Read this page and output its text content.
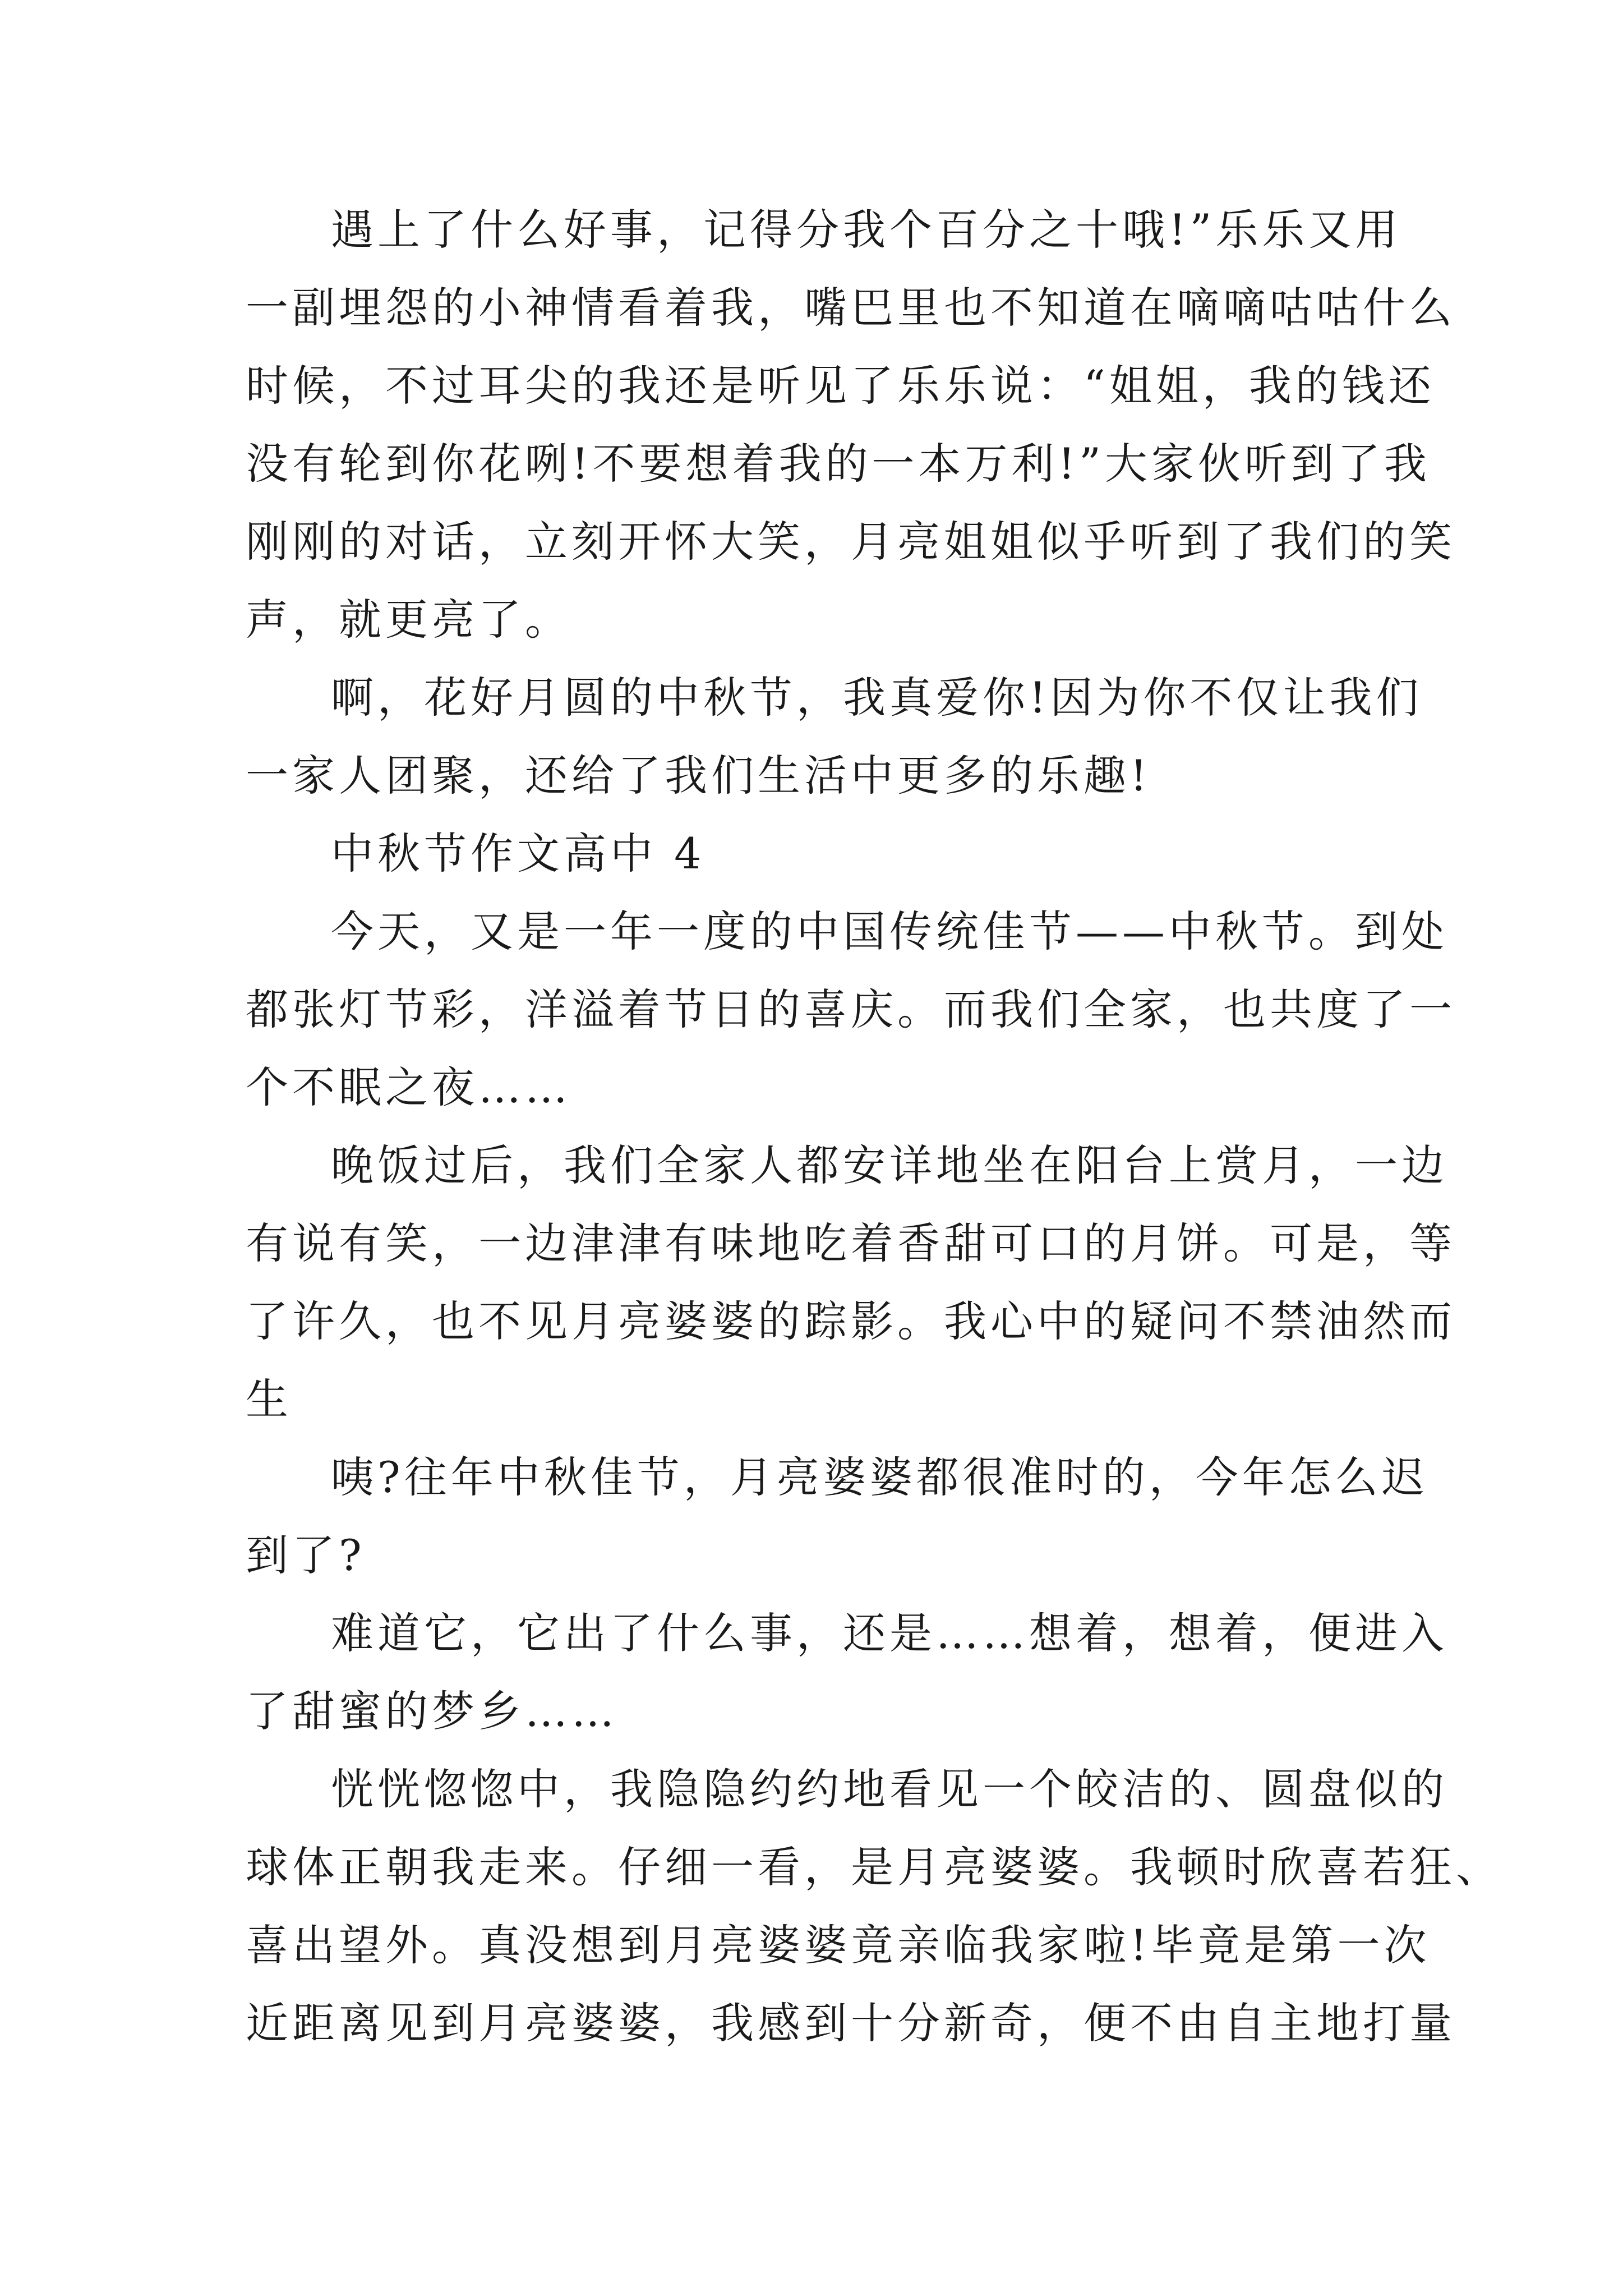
遇上了什么好事，记得分我个百分之十哦!”乐乐又用
一副埋怨的小神情看着我，嘴巴里也不知道在嘀嘀咕咕什么
时候，不过耳尖的我还是听见了乐乐说：“姐姐，我的钱还
没有轮到你花咧!不要想着我的一本万利!”大家伙听到了我
刚刚的对话，立刻开怀大笑，月亮姐姐似乎听到了我们的笑
声，就更亮了。
啊，花好月圆的中秋节，我真爱你!因为你不仅让我们
一家人团聚，还给了我们生活中更多的乐趣!
中秋节作文高中 4
今天，又是一年一度的中国传统佳节——中秋节。到处
都张灯节彩，洋溢着节日的喜庆。而我们全家，也共度了一
个不眠之夜……
晚饭过后，我们全家人都安详地坐在阳台上赏月，一边
有说有笑，一边津津有味地吃着香甜可口的月饼。可是，等
了许久，也不见月亮婆婆的踪影。我心中的疑问不禁油然而
生
咦?往年中秋佳节，月亮婆婆都很准时的，今年怎么迟
到了?
难道它，它出了什么事，还是……想着，想着，便进入
了甜蜜的梦乡……
恍恍惚惚中，我隐隐约约地看见一个皎洁的、圆盘似的
球体正朝我走来。仔细一看，是月亮婆婆。我顿时欣喜若狂、
喜出望外。真没想到月亮婆婆竟亲临我家啦!毕竟是第一次
近距离见到月亮婆婆，我感到十分新奇，便不由自主地打量
